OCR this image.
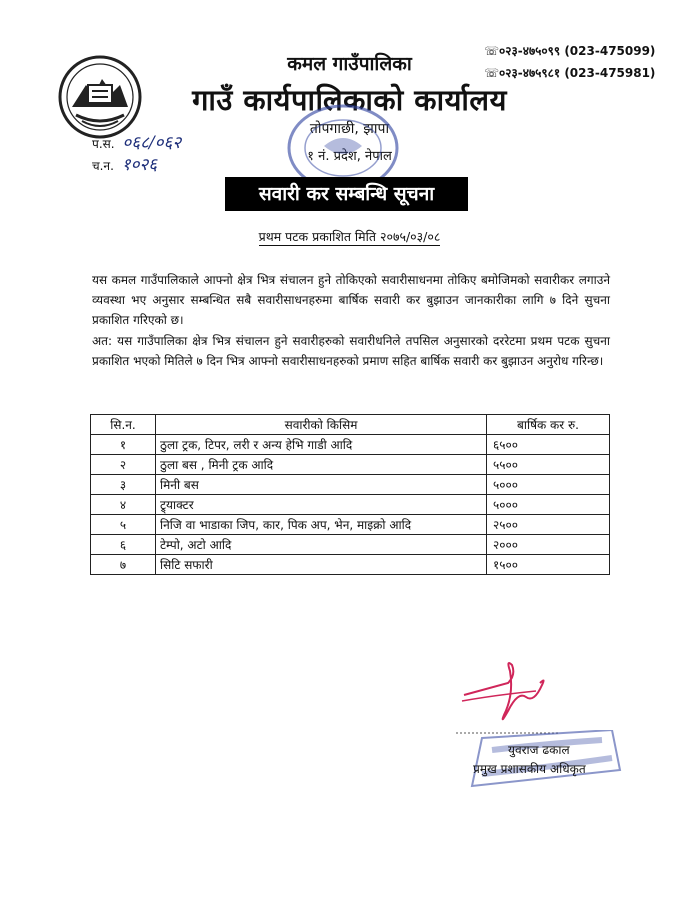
कमल गाउँपालिका
गाउँ कार्यपालिकाको कार्यालय
तोपगाछी, झापा
१ नं. प्रदेश, नेपाल
☏०२३-४७५०९९ (023-475099)
☏०२३-४७५९८१ (023-475981)
प.स. ०६८/०६२
च.न. १०२६
सवारी कर सम्बन्धि सूचना
प्रथम पटक प्रकाशित मिति २०७५/०३/०८
यस कमल गाउँपालिकाले आफ्नो क्षेत्र भित्र संचालन हुने तोकिएको सवारीसाधनमा तोकिए बमोजिमको सवारीकर लगाउने व्यवस्था भए अनुसार सम्बन्धित सबै सवारीसाधनहरुमा बार्षिक सवारी कर बुझाउन जानकारीका लागि ७ दिने सुचना प्रकाशित गरिएको छ।
अत: यस गाउँपालिका क्षेत्र भित्र संचालन हुने सवारीहरुको सवारीधनिले तपसिल अनुसारको दररेटमा प्रथम पटक सुचना प्रकाशित भएको मितिले ७ दिन भित्र आफ्नो सवारीसाधनहरुको प्रमाण सहित बार्षिक सवारी कर बुझाउन अनुरोध गरिन्छ।
सि.न.	सवारीको किसिम	बार्षिक कर रु.
१	ठुला ट्रक, टिपर, लरी र अन्य हेभि गाडी आदि	६५००
२	ठुला बस , मिनी ट्रक आदि	५५००
३	मिनी बस	५०००
४	ट्र्याक्टर	५०००
५	निजि वा भाडाका जिप, कार, पिक अप, भेन, माइक्रो आदि	२५००
६	टेम्पो, अटो आदि	२०००
७	सिटि सफारी	१५००
युवराज ढकाल
प्रमुख प्रशासकीय अधिकृत
